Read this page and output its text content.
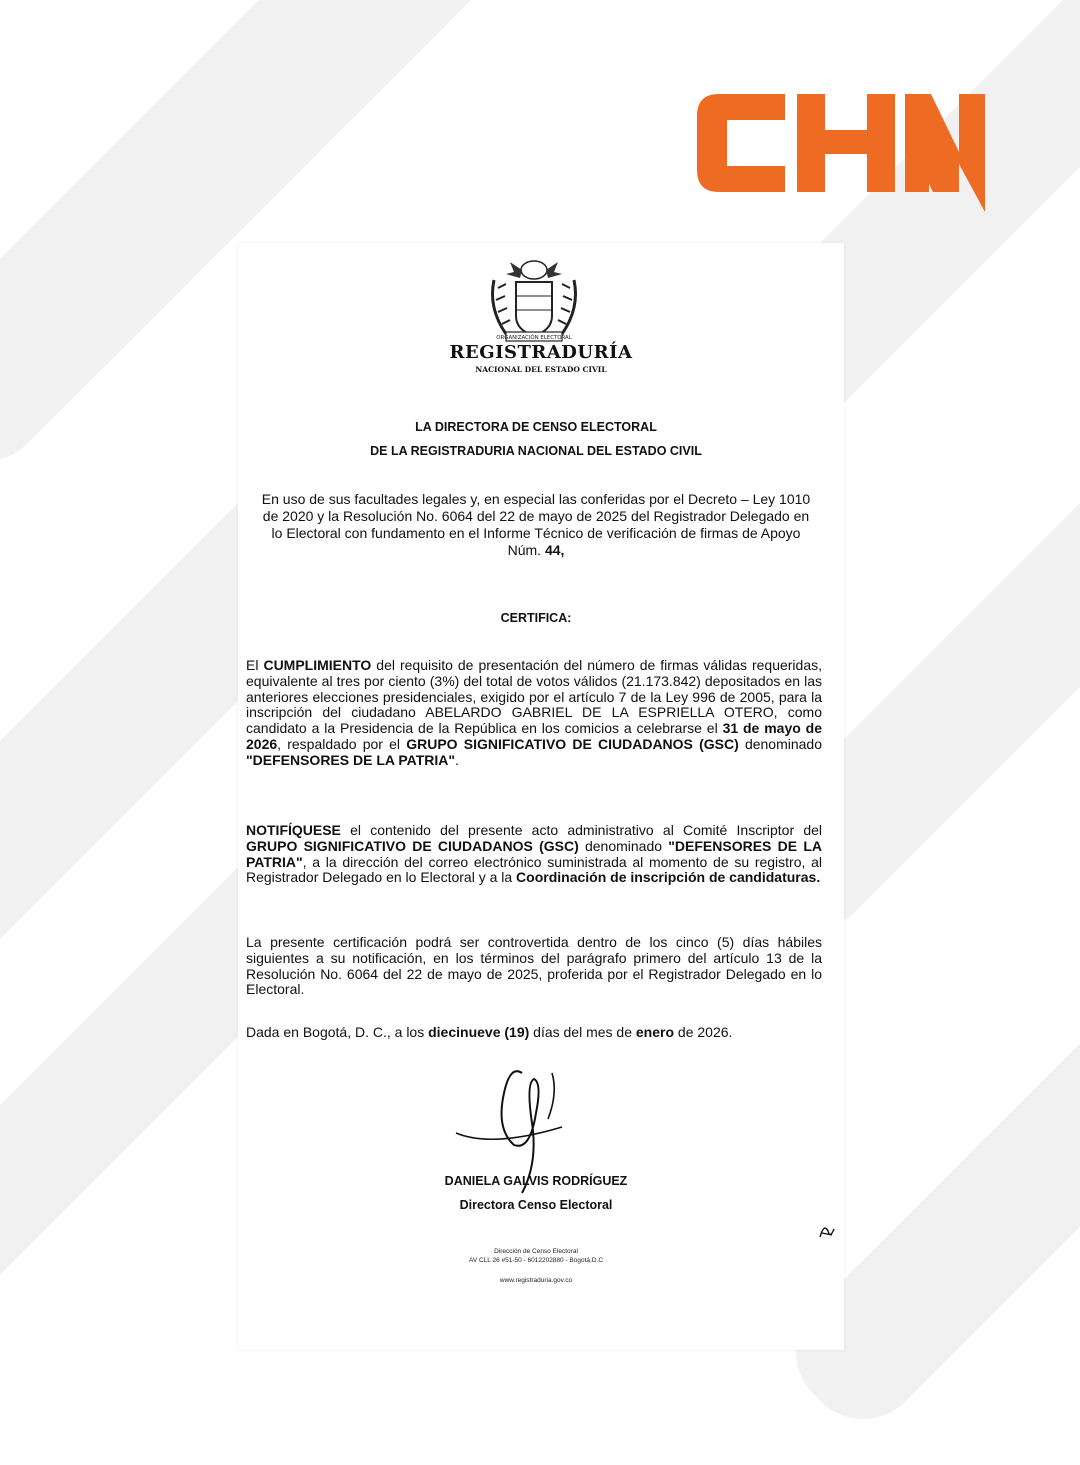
ORGANIZACIÓN ELECTORAL
REGISTRADURÍA
NACIONAL DEL ESTADO CIVIL
LA DIRECTORA DE CENSO ELECTORAL
DE LA REGISTRADURIA NACIONAL DEL ESTADO CIVIL
En uso de sus facultades legales y, en especial las conferidas por el Decreto – Ley 1010 de 2020 y la Resolución No. 6064 del 22 de mayo de 2025 del Registrador Delegado en lo Electoral con fundamento en el Informe Técnico de verificación de firmas de Apoyo Núm. 44,
CERTIFICA:
El CUMPLIMIENTO del requisito de presentación del número de firmas válidas requeridas, equivalente al tres por ciento (3%) del total de votos válidos (21.173.842) depositados en las anteriores elecciones presidenciales, exigido por el artículo 7 de la Ley 996 de 2005, para la inscripción del ciudadano ABELARDO GABRIEL DE LA ESPRIELLA OTERO, como candidato a la Presidencia de la República en los comicios a celebrarse el 31 de mayo de 2026, respaldado por el GRUPO SIGNIFICATIVO DE CIUDADANOS (GSC) denominado "DEFENSORES DE LA PATRIA".
NOTIFÍQUESE el contenido del presente acto administrativo al Comité Inscriptor del GRUPO SIGNIFICATIVO DE CIUDADANOS (GSC) denominado "DEFENSORES DE LA PATRIA", a la dirección del correo electrónico suministrada al momento de su registro, al Registrador Delegado en lo Electoral y a la Coordinación de inscripción de candidaturas.
La presente certificación podrá ser controvertida dentro de los cinco (5) días hábiles siguientes a su notificación, en los términos del parágrafo primero del artículo 13 de la Resolución No. 6064 del 22 de mayo de 2025, proferida por el Registrador Delegado en lo Electoral.
Dada en Bogotá, D. C., a los diecinueve (19) días del mes de enero de 2026.
DANIELA GALVIS RODRÍGUEZ
Directora Censo Electoral
Dirección de Censo Electoral
AV CLL 26 #51-50 - 6012202880 - Bogotá,D.C
www.registraduria.gov.co
